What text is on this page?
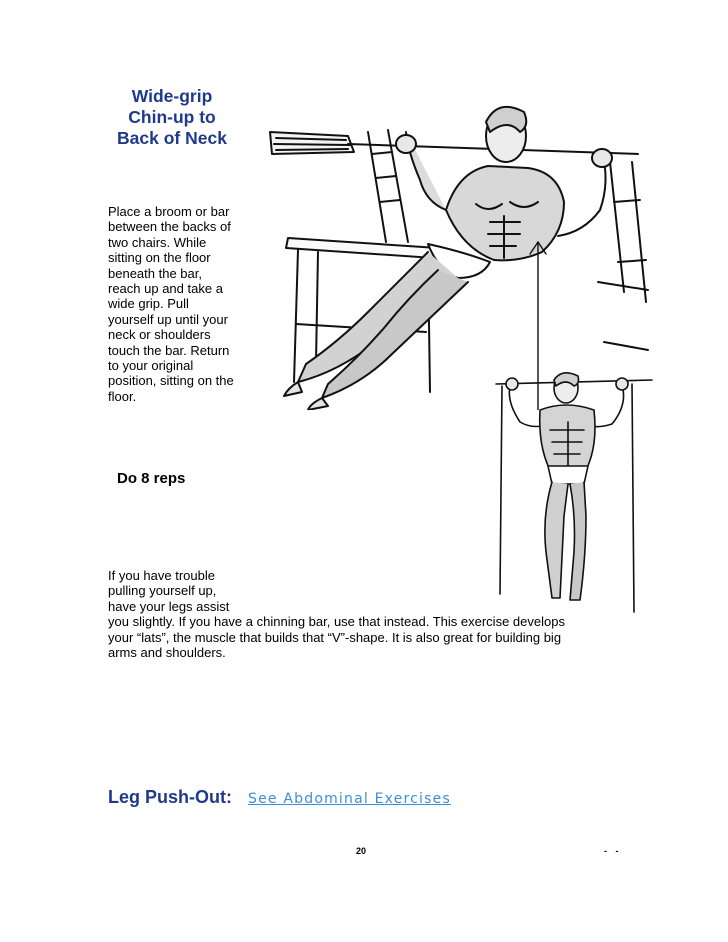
Wide-grip
Chin-up to
Back of Neck
Place a broom or bar
between the backs of
two chairs. While
sitting on the floor
beneath the bar,
reach up and take a
wide grip. Pull
yourself up until your
neck or shoulders
touch the bar. Return
to your original
position, sitting on the
floor.
Do 8 reps
If you have trouble
pulling yourself up,
have your legs assist
you slightly. If you have a chinning bar, use that instead. This exercise develops
your “lats”, the muscle that builds that “V”-shape. It is also great for building big
arms and shoulders.
Leg Push-Out: See Abdominal Exercises
20	- -
